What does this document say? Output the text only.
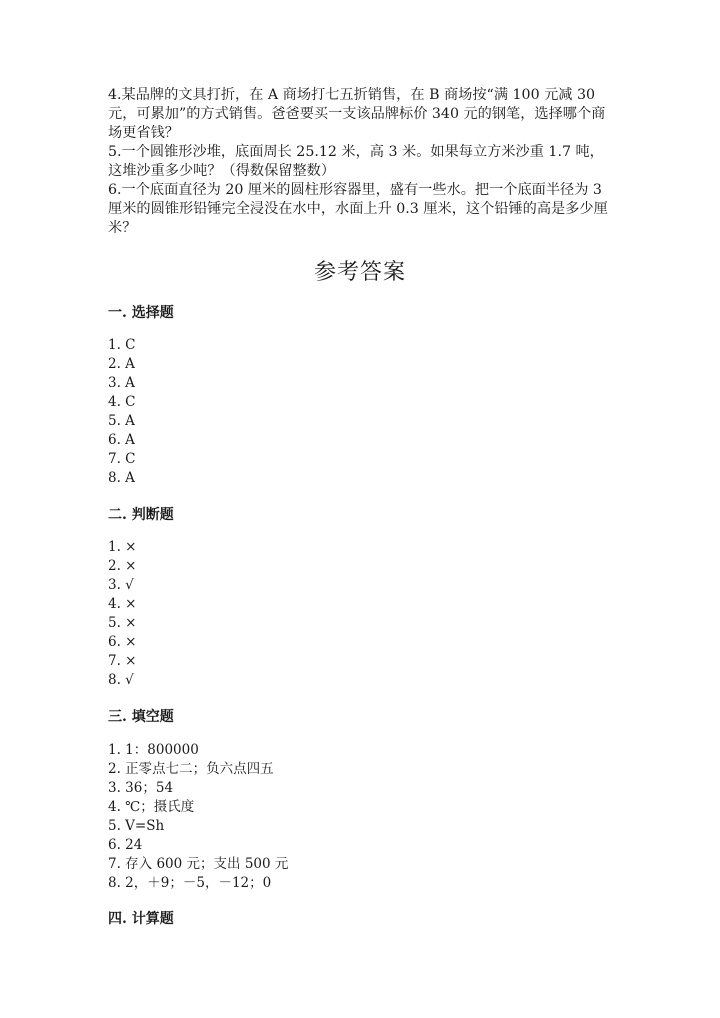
4.某品牌的文具打折，在 A 商场打七五折销售，在 B 商场按“满 100 元减 30 元，可累加”的方式销售。爸爸要买一支该品牌标价 340 元的钢笔，选择哪个商场更省钱？

5.一个圆锥形沙堆，底面周长 25.12 米，高 3 米。如果每立方米沙重 1.7 吨，这堆沙重多少吨？（得数保留整数）

6.一个底面直径为 20 厘米的圆柱形容器里，盛有一些水。把一个底面半径为 3 厘米的圆锥形铅锤完全浸没在水中，水面上升 0.3 厘米，这个铅锤的高是多少厘米？

参考答案
一. 选择题
1. C
2. A
3. A
4. C
5. A
6. A
7. C
8. A
二. 判断题
1. ×
2. ×
3. √
4. ×
5. ×
6. ×
7. ×
8. √
三. 填空题
1. 1：800000
2. 正零点七二；负六点四五
3. 36；54
4. ℃；摄氏度
5. V=Sh
6. 24
7. 存入 600 元；支出 500 元
8. 2，＋9；－5，－12；0
四. 计算题
